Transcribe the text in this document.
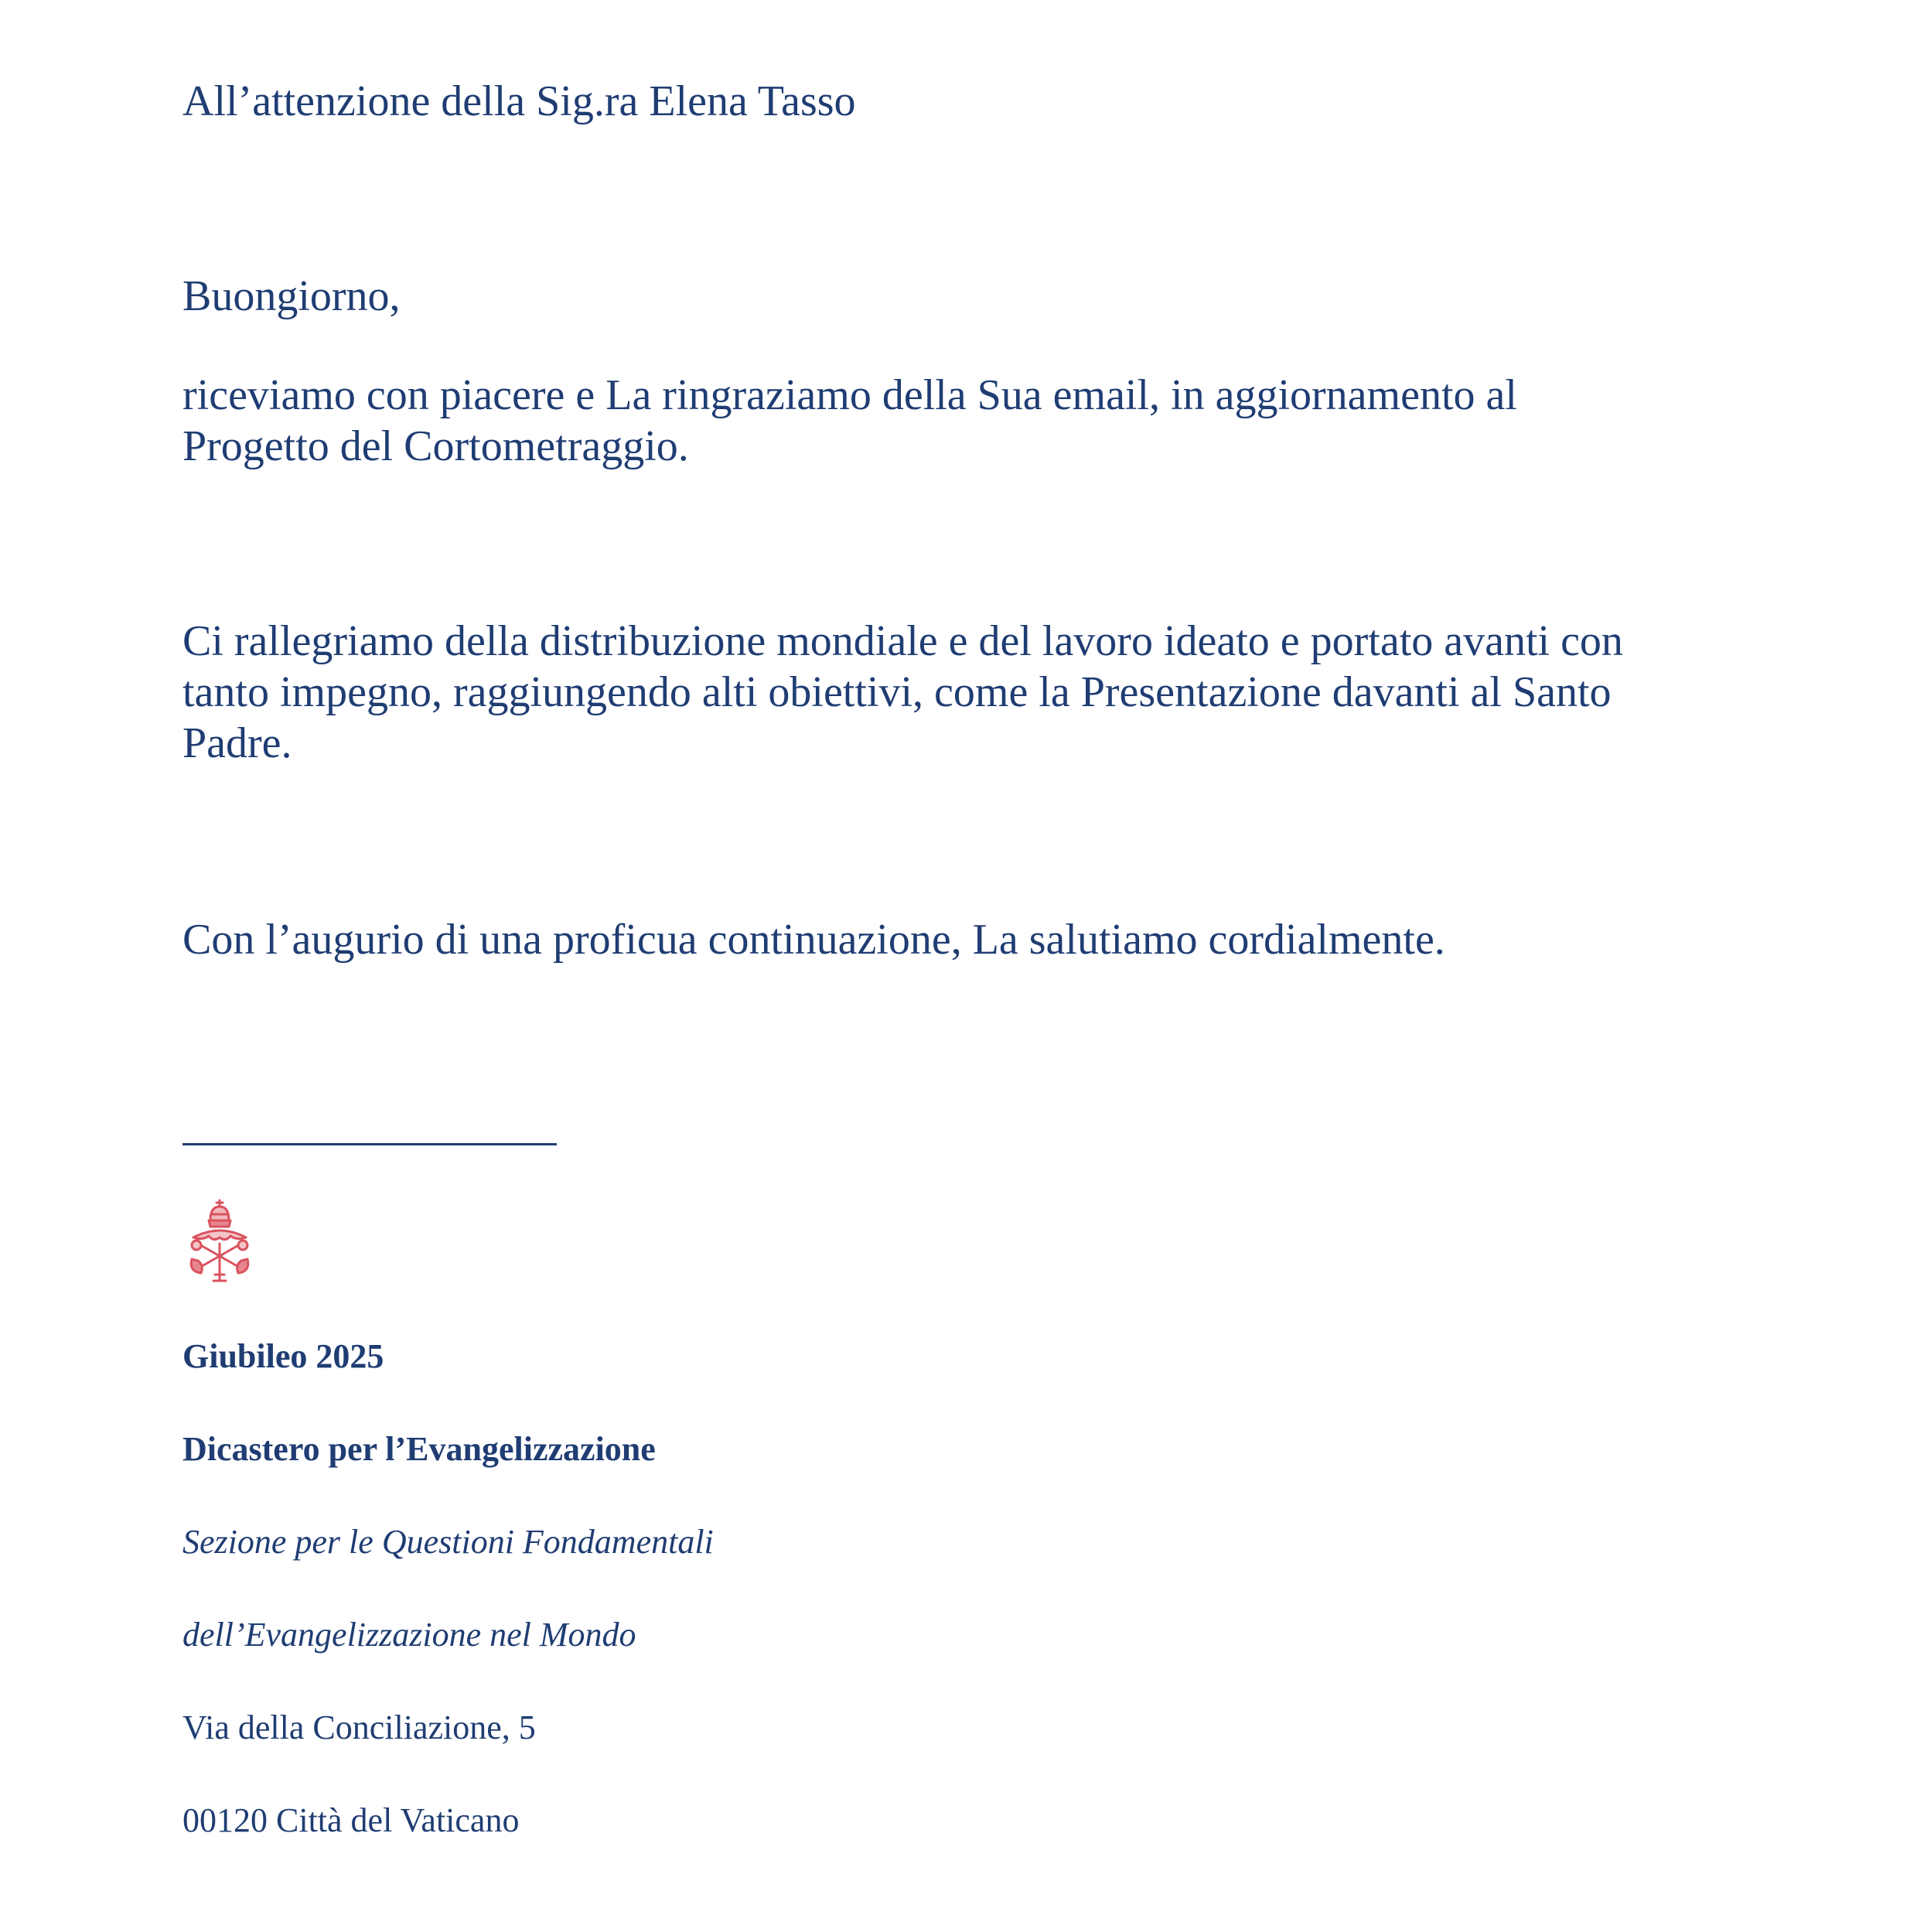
All’attenzione della Sig.ra Elena Tasso
Buongiorno,
riceviamo con piacere e La ringraziamo della Sua email, in aggiornamento al
Progetto del Cortometraggio.
Ci rallegriamo della distribuzione mondiale e del lavoro ideato e portato avanti con
tanto impegno, raggiungendo alti obiettivi, come la Presentazione davanti al Santo
Padre.
Con l’augurio di una proficua continuazione, La salutiamo cordialmente.
Giubileo 2025
Dicastero per l’Evangelizzazione
Sezione per le Questioni Fondamentali
dell’Evangelizzazione nel Mondo
Via della Conciliazione, 5
00120 Città del Vaticano
